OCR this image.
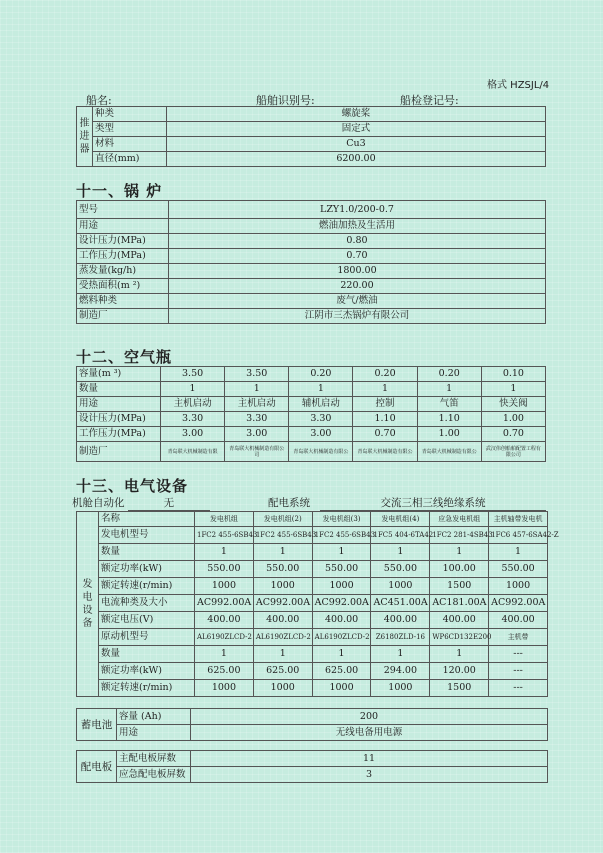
格式 HZSJL/4
船名:	船舶识别号:	船检登记号:
推进器	种类	螺旋桨
	类型	固定式
	材料	Cu3
	直径(mm)	6200.00
十一、锅 炉
型号	LZY1.0/200-0.7
用途	燃油加热及生活用
设计压力(MPa)	0.80
工作压力(MPa)	0.70
蒸发量(kg/h)	1800.00
受热面积(m ²)	220.00
燃料种类	废气/燃油
制造厂	江阴市三杰锅炉有限公司
十二、空气瓶
容量(m ³)	3.50	3.50	0.20	0.20	0.20	0.10
数量	1	1	1	1	1	1
用途	主机启动	主机启动	辅机启动	控制	气笛	快关阀
设计压力(MPa)	3.30	3.30	3.30	1.10	1.10	1.00
工作压力(MPa)	3.00	3.00	3.00	0.70	1.00	0.70
制造厂	青岛联大机械制造有限	青岛联大机械制造有限公司	青岛联大机械制造有限公	青岛联大机械制造有限公	青岛联大机械制造有限公	武汉伟创船舶配置工程有限公司
十三、电气设备
机舱自动化	无	配电系统	交流三相三线绝缘系统
发电设备	名称	发电机组	发电机组(2)	发电机组(3)	发电机组(4)	应急发电机组	主机轴带发电机
	发电机型号	1FC2 455-6SB43	1FC2 455-6SB43	1FC2 455-6SB43	1FC5 404-6TA42	1FC2 281-4SB43	1FC6 457-6SA42-Z
	数量	1	1	1	1	1	1
	额定功率(kW)	550.00	550.00	550.00	550.00	100.00	550.00
	额定转速(r/min)	1000	1000	1000	1000	1500	1000
	电流种类及大小	AC992.00A	AC992.00A	AC992.00A	AC451.00A	AC181.00A	AC992.00A
	额定电压(V)	400.00	400.00	400.00	400.00	400.00	400.00
	原动机型号	AL6190ZLCD-2	AL6190ZLCD-2	AL6190ZLCD-2	Z6180ZLD-16	WP6CD132E200	主机带
	数量	1	1	1	1	1	---
	额定功率(kW)	625.00	625.00	625.00	294.00	120.00	---
	额定转速(r/min)	1000	1000	1000	1000	1500	---
蓄电池	容量 (Ah)	200
	用途	无线电备用电源

配电板	主配电板屏数	11
	应急配电板屏数	3
